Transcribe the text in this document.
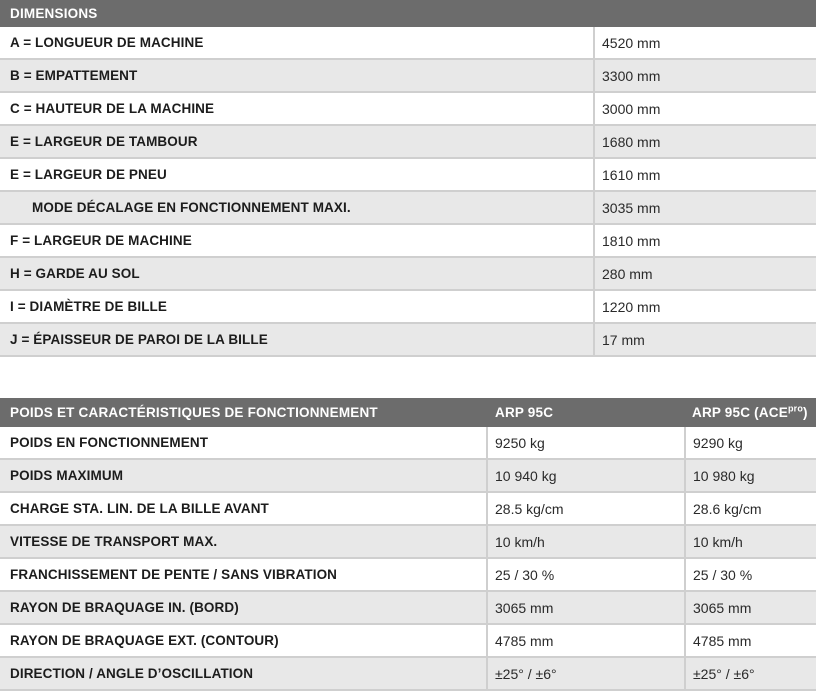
DIMENSIONS
A = LONGUEUR DE MACHINE	4520 mm
B = EMPATTEMENT	3300 mm
C = HAUTEUR DE LA MACHINE	3000 mm
E = LARGEUR DE TAMBOUR	1680 mm
E = LARGEUR DE PNEU	1610 mm
MODE DÉCALAGE EN FONCTIONNEMENT MAXI.	3035 mm
F = LARGEUR DE MACHINE	1810 mm
H = GARDE AU SOL	280 mm
I = DIAMÈTRE DE BILLE	1220 mm
J = ÉPAISSEUR DE PAROI DE LA BILLE	17 mm
POIDS ET CARACTÉRISTIQUES DE FONCTIONNEMENT	ARP 95C	ARP 95C $(ACE^{pro})$
POIDS EN FONCTIONNEMENT	9250 kg	9290 kg
POIDS MAXIMUM	10 940 kg	10 980 kg
CHARGE STA. LIN. DE LA BILLE AVANT	28.5 kg/cm	28.6 kg/cm
VITESSE DE TRANSPORT MAX.	10 km/h	10 km/h
FRANCHISSEMENT DE PENTE / SANS VIBRATION	25 / 30 %	25 / 30 %
RAYON DE BRAQUAGE IN. (BORD)	3065 mm	3065 mm
RAYON DE BRAQUAGE EXT. (CONTOUR)	4785 mm	4785 mm
DIRECTION / ANGLE D’OSCILLATION	±25° / ±6°	±25° / ±6°
